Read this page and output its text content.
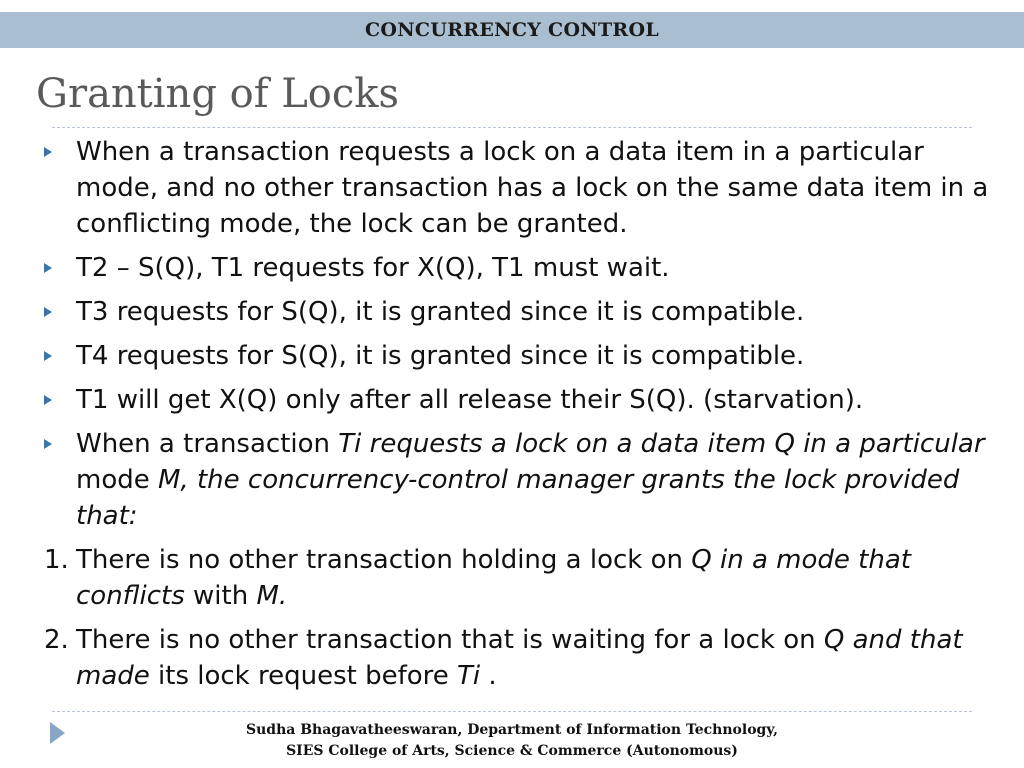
CONCURRENCY CONTROL
Granting of Locks
When a transaction requests a lock on a data item in a particular mode, and no other transaction has a lock on the same data item in a conflicting mode, the lock can be granted.
T2 – S(Q), T1 requests for X(Q), T1 must wait.
T3 requests for S(Q), it is granted since it is compatible.
T4 requests for S(Q), it is granted since it is compatible.
T1 will get X(Q) only after all release their S(Q). (starvation).
When a transaction Ti requests a lock on a data item Q in a particular mode M, the concurrency-control manager grants the lock provided that:
1. There is no other transaction holding a lock on Q in a mode that conflicts with M.
2. There is no other transaction that is waiting for a lock on Q and that made its lock request before Ti .
Sudha Bhagavatheeswaran, Department of Information Technology,
SIES College of Arts, Science & Commerce (Autonomous)
